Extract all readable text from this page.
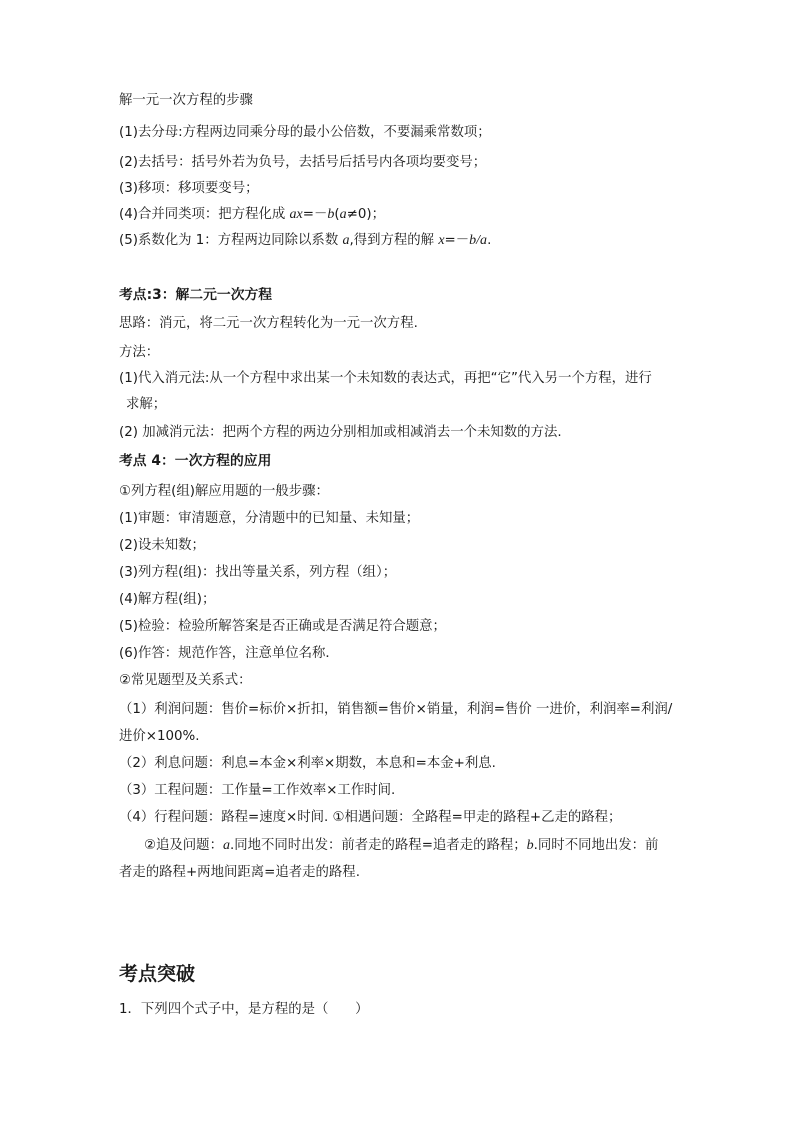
解一元一次方程的步骤
(1)去分母:方程两边同乘分母的最小公倍数，不要漏乘常数项；
(2)去括号：括号外若为负号，去括号后括号内各项均要变号；
(3)移项：移项要变号；
(4)合并同类项：把方程化成 ax=－b(a≠0)；
(5)系数化为 1：方程两边同除以系数 a,得到方程的解 x=－b/a.
考点:3：解二元一次方程
思路：消元，将二元一次方程转化为一元一次方程.
方法：
(1)代入消元法:从一个方程中求出某一个未知数的表达式，再把“它”代入另一个方程，进行
求解；
(2) 加减消元法：把两个方程的两边分别相加或相减消去一个未知数的方法.
考点 4：一次方程的应用
①列方程(组)解应用题的一般步骤：
(1)审题：审清题意，分清题中的已知量、未知量；
(2)设未知数；
(3)列方程(组)：找出等量关系，列方程（组）；
(4)解方程(组)；
(5)检验：检验所解答案是否正确或是否满足符合题意；
(6)作答：规范作答，注意单位名称．
②常见题型及关系式：
（1）利润问题：售价=标价×折扣，销售额=售价×销量，利润=售价 一进价，利润率=利润/
进价×100%.
（2）利息问题：利息=本金×利率×期数，本息和=本金+利息.
（3）工程问题：工作量=工作效率×工作时间.
（4）行程问题：路程=速度×时间. ①相遇问题：全路程=甲走的路程+乙走的路程；
②追及问题：a.同地不同时出发：前者走的路程=追者走的路程；b.同时不同地出发：前
者走的路程+两地间距离=追者走的路程.
考点突破
1．下列四个式子中，是方程的是（　　）
